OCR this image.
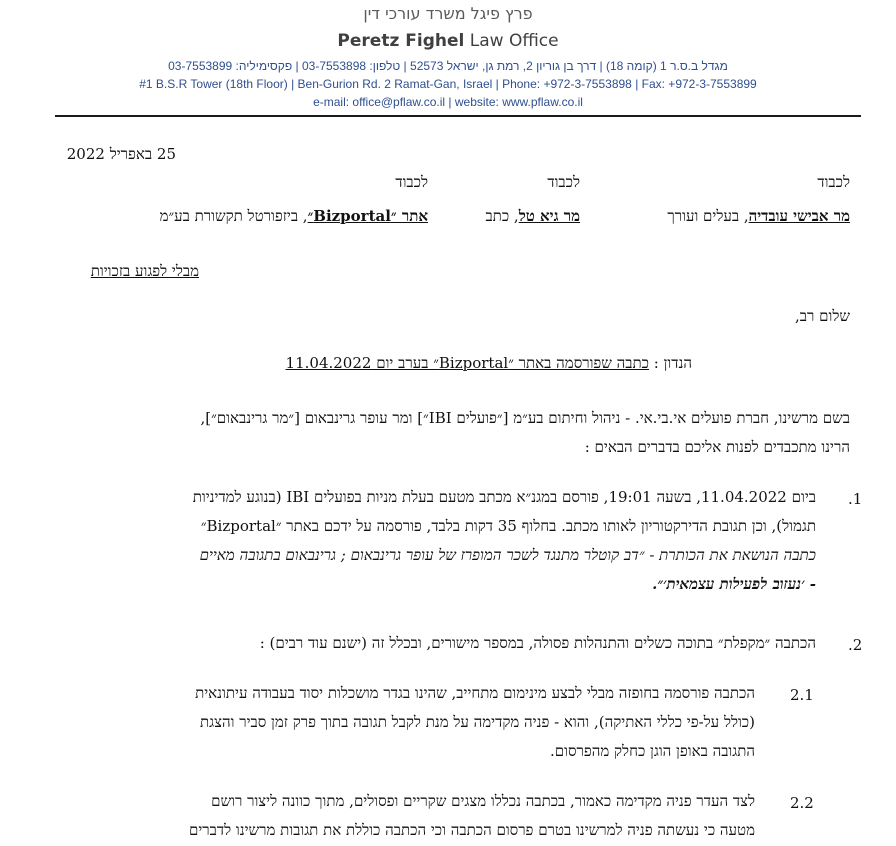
פרץ פיגל משרד עורכי דין
Peretz Fighel Law Office
מגדל ב.ס.ר 1 (קומה 18) | דרך בן גוריון 2, רמת גן, ישראל 52573 | טלפון: 03-7553898 | פקסימיליה: 03-7553899
#1 B.S.R Tower (18th Floor) | Ben-Gurion Rd. 2 Ramat-Gan, Israel | Phone: +972-3-7553898 | Fax: +972-3-7553899
e-mail: office@pflaw.co.il | website: www.pflaw.co.il
25 באפריל 2022
לכבוד
לכבוד
לכבוד
מר אבישי עובדיה, בעלים ועורך
מר גיא טל, כתב
אתר ״Bizportal״, ביזפורטל תקשורת בע״מ
מבלי לפגוע בזכויות
שלום רב,
הנדון : כתבה שפורסמה באתר ״Bizportal״ בערב יום 11.04.2022
בשם מרשינו, חברת פועלים אי.בי.אי. - ניהול וחיתום בע״מ [״פועלים IBI״] ומר עופר גרינבאום [״מר גרינבאום״],
הרינו מתכבדים לפנות אליכם בדברים הבאים :
.1
ביום 11.04.2022, בשעה 19:01, פורסם במגנ״א מכתב מטעם בעלת מניות בפועלים IBI (בנוגע למדיניות
תגמול), וכן תגובת הדירקטוריון לאותו מכתב. בחלוף 35 דקות בלבד, פורסמה על ידכם באתר ״Bizportal״
כתבה הנושאת את הכותרת - ״דב קוטלר מתנגד לשכר המופרז של עופר גרינבאום ; גרינבאום בתגובה מאיים
- ׳נעזוב לפעילות עצמאית׳״.
.2
הכתבה ״מקפלת״ בתוכה כשלים והתנהלות פסולה, במספר מישורים, ובכלל זה (ישנם עוד רבים) :
2.1
הכתבה פורסמה בחופזה מבלי לבצע מינימום מתחייב, שהינו בגדר מושכלות יסוד בעבודה עיתונאית
(כולל על-פי כללי האתיקה), והוא - פניה מקדימה על מנת לקבל תגובה בתוך פרק זמן סביר והצגת
התגובה באופן הוגן כחלק מהפרסום.
2.2
לצד העדר פניה מקדימה כאמור, בכתבה נכללו מצגים שקריים ופסולים, מתוך כוונה ליצור רושם
מטעה כי נעשתה פניה למרשינו בטרם פרסום הכתבה וכי הכתבה כוללת את תגובות מרשינו לדברים
